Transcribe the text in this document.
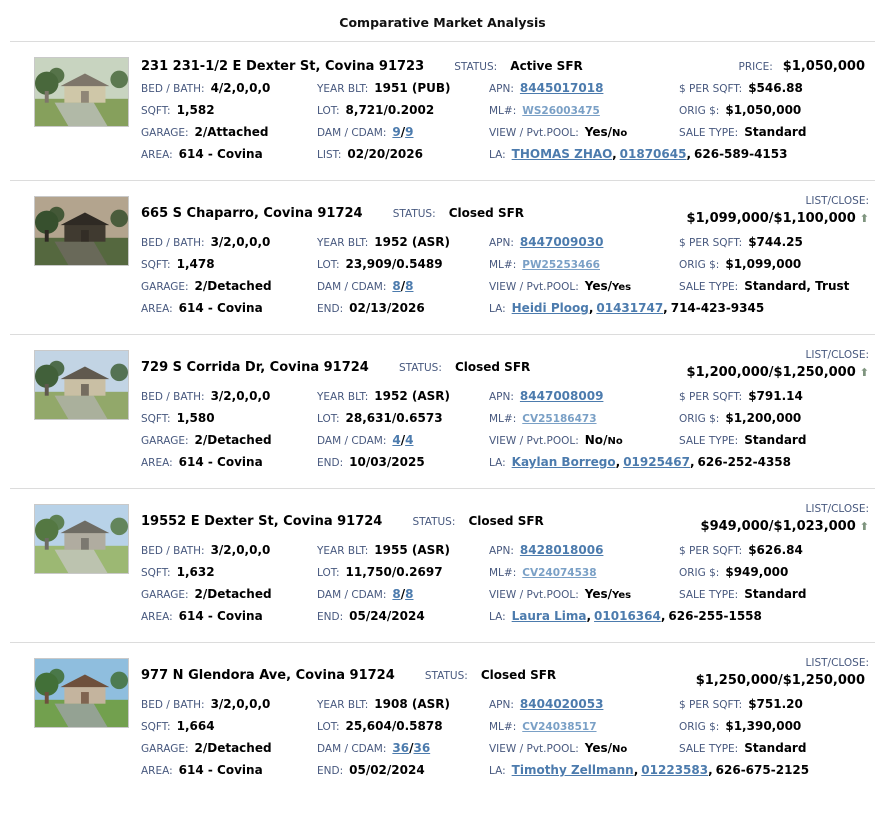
Comparative Market Analysis
231 231-1/2 E Dexter St, Covina 91723	STATUS: Active SFR	PRICE: $1,050,000
BED / BATH: 4/2,0,0,0	YEAR BLT: 1951 (PUB)	APN: 8445017018	$ PER SQFT: $546.88
SQFT: 1,582	LOT: 8,721/0.2002	ML#: WS26003475	ORIG $: $1,050,000
GARAGE: 2/Attached	DAM / CDAM: 9/9	VIEW / Pvt.POOL: Yes/No	SALE TYPE: Standard
AREA: 614 - Covina	LIST: 02/20/2026	LA: THOMAS ZHAO, 01870645, 626-589-4153
665 S Chaparro, Covina 91724	STATUS: Closed SFR
LIST/CLOSE:
$1,099,000/$1,100,000 ⬆
BED / BATH: 3/2,0,0,0	YEAR BLT: 1952 (ASR)	APN: 8447009030	$ PER SQFT: $744.25
SQFT: 1,478	LOT: 23,909/0.5489	ML#: PW25253466	ORIG $: $1,099,000
GARAGE: 2/Detached	DAM / CDAM: 8/8	VIEW / Pvt.POOL: Yes/Yes	SALE TYPE: Standard, Trust
AREA: 614 - Covina	END: 02/13/2026	LA: Heidi Ploog, 01431747, 714-423-9345
729 S Corrida Dr, Covina 91724	STATUS: Closed SFR
LIST/CLOSE:
$1,200,000/$1,250,000 ⬆
BED / BATH: 3/2,0,0,0	YEAR BLT: 1952 (ASR)	APN: 8447008009	$ PER SQFT: $791.14
SQFT: 1,580	LOT: 28,631/0.6573	ML#: CV25186473	ORIG $: $1,200,000
GARAGE: 2/Detached	DAM / CDAM: 4/4	VIEW / Pvt.POOL: No/No	SALE TYPE: Standard
AREA: 614 - Covina	END: 10/03/2025	LA: Kaylan Borrego, 01925467, 626-252-4358
19552 E Dexter St, Covina 91724	STATUS: Closed SFR
LIST/CLOSE:
$949,000/$1,023,000 ⬆
BED / BATH: 3/2,0,0,0	YEAR BLT: 1955 (ASR)	APN: 8428018006	$ PER SQFT: $626.84
SQFT: 1,632	LOT: 11,750/0.2697	ML#: CV24074538	ORIG $: $949,000
GARAGE: 2/Detached	DAM / CDAM: 8/8	VIEW / Pvt.POOL: Yes/Yes	SALE TYPE: Standard
AREA: 614 - Covina	END: 05/24/2024	LA: Laura Lima, 01016364, 626-255-1558
977 N Glendora Ave, Covina 91724	STATUS: Closed SFR
LIST/CLOSE:
$1,250,000/$1,250,000
BED / BATH: 3/2,0,0,0	YEAR BLT: 1908 (ASR)	APN: 8404020053	$ PER SQFT: $751.20
SQFT: 1,664	LOT: 25,604/0.5878	ML#: CV24038517	ORIG $: $1,390,000
GARAGE: 2/Detached	DAM / CDAM: 36/36	VIEW / Pvt.POOL: Yes/No	SALE TYPE: Standard
AREA: 614 - Covina	END: 05/02/2024	LA: Timothy Zellmann, 01223583, 626-675-2125
